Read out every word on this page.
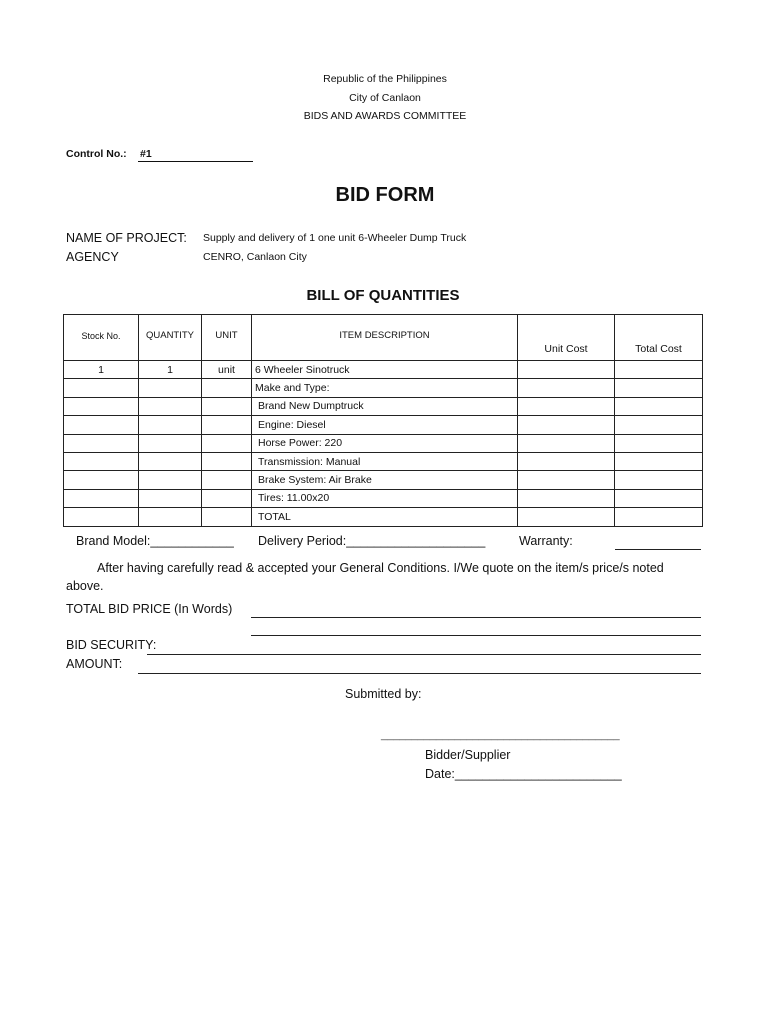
Republic of the Philippines
City of Canlaon
BIDS AND AWARDS COMMITTEE
Control No.: #1
BID FORM
NAME OF PROJECT: Supply and delivery of 1 one unit 6-Wheeler Dump Truck
AGENCY	CENRO, Canlaon City
BILL OF QUANTITIES
Stock No.	QUANTITY	UNIT	ITEM DESCRIPTION	Unit Cost	Total Cost

1	1	unit	6 Wheeler Sinotruck		
			Make and Type:		
			Brand New Dumptruck		
			Engine: Diesel		
			Horse Power: 220		
			Transmission: Manual		
			Brake System: Air Brake		
			Tires: 11.00x20		
			TOTAL		
Brand Model:____________ Delivery Period:____________________	Warranty:
After having carefully read & accepted your General Conditions. I/We quote on the item/s price/s noted
above.
TOTAL BID PRICE (In Words)
BID SECURITY:
AMOUNT:
Submitted by:
_______________________________________
Bidder/Supplier
Date:________________________
